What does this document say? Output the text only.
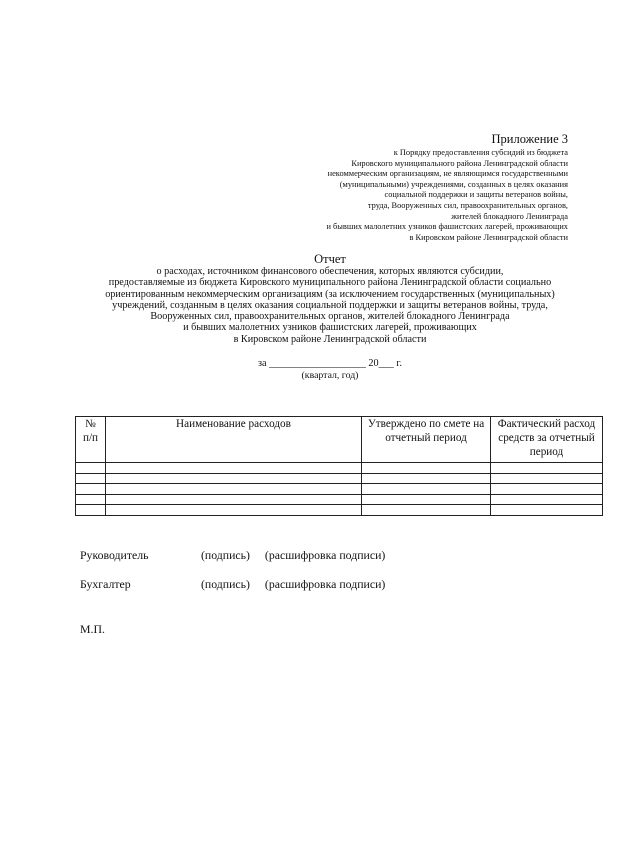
Приложение 3
к Порядку предоставления субсидий из бюджета
Кировского муниципального района Ленинградской области
некоммерческим организациям, не являющимся государственными
(муниципальными) учреждениями, созданных в целях оказания
социальной поддержки и защиты ветеранов войны,
труда, Вооруженных сил, правоохранительных органов,
жителей блокадного Ленинграда
и бывших малолетних узников фашистских лагерей, проживающих
в Кировском районе Ленинградской области
Отчет
о расходах, источником финансового обеспечения, которых являются субсидии,
предоставляемые из бюджета Кировского муниципального района Ленинградской области социально
ориентированным некоммерческим организациям (за исключением государственных (муниципальных)
учреждений, созданным в целях оказания социальной поддержки и защиты ветеранов войны, труда,
Вооруженных сил, правоохранительных органов, жителей блокадного Ленинграда
и бывших малолетних узников фашистских лагерей, проживающих
в Кировском районе Ленинградской области
за ___________________ 20___ г.
(квартал, год)
№
п/п	Наименование расходов	Утверждено по смете на отчетный период	Фактический расход средств за отчетный период

Руководитель	(подпись) (расшифровка подписи)
Бухгалтер	(подпись) (расшифровка подписи)
М.П.
